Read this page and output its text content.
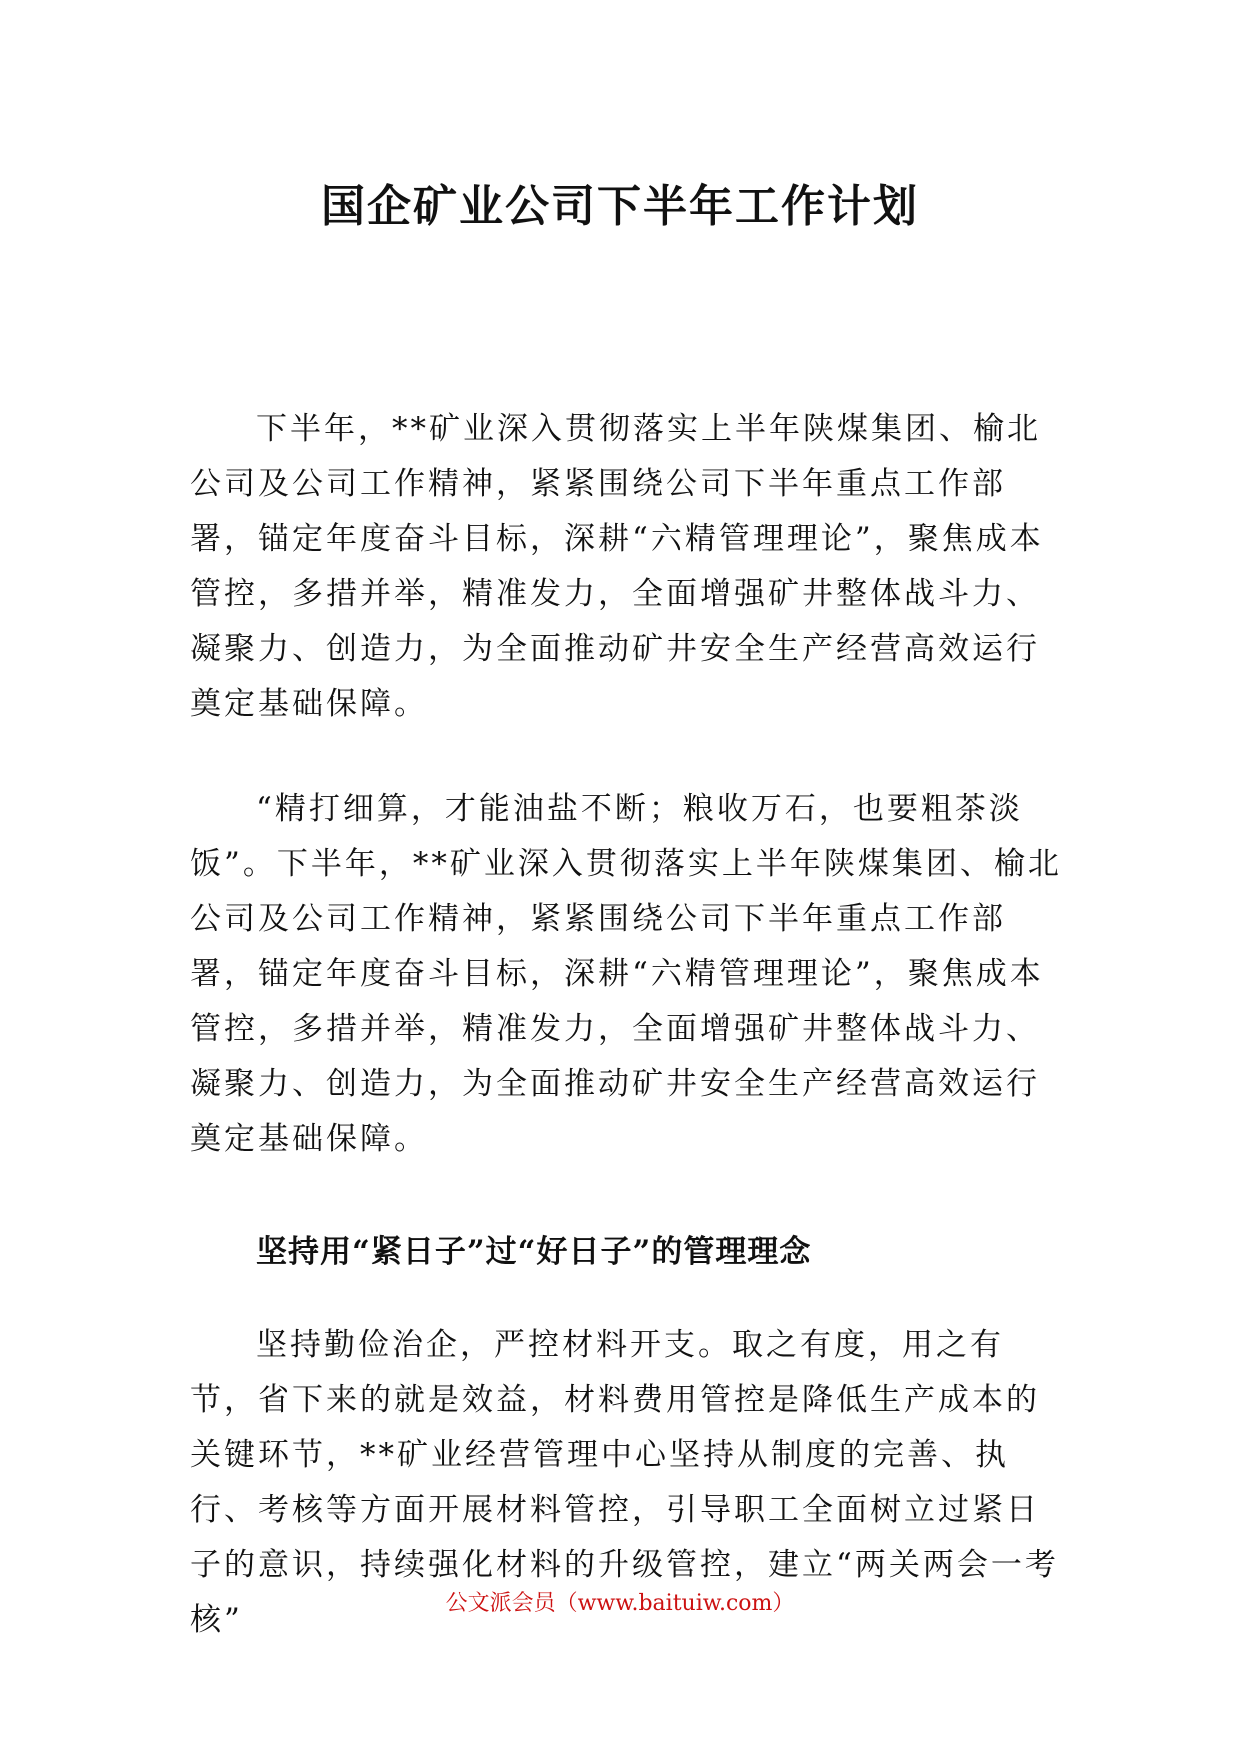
国企矿业公司下半年工作计划

下半年，**矿业深入贯彻落实上半年陕煤集团、榆北公司及公司工作精神，紧紧围绕公司下半年重点工作部署，锚定年度奋斗目标，深耕“六精管理理论”，聚焦成本管控，多措并举，精准发力，全面增强矿井整体战斗力、凝聚力、创造力，为全面推动矿井安全生产经营高效运行奠定基础保障。

“精打细算，才能油盐不断；粮收万石，也要粗茶淡饭”。下半年，**矿业深入贯彻落实上半年陕煤集团、榆北公司及公司工作精神，紧紧围绕公司下半年重点工作部署，锚定年度奋斗目标，深耕“六精管理理论”，聚焦成本管控，多措并举，精准发力，全面增强矿井整体战斗力、凝聚力、创造力，为全面推动矿井安全生产经营高效运行奠定基础保障。

坚持用“紧日子”过“好日子”的管理理念

坚持勤俭治企，严控材料开支。取之有度，用之有节，省下来的就是效益，材料费用管控是降低生产成本的关键环节，**矿业经营管理中心坚持从制度的完善、执行、考核等方面开展材料管控，引导职工全面树立过紧日子的意识，持续强化材料的升级管控，建立“两关两会一考核”	公文派会员（www.baituiw.com）
